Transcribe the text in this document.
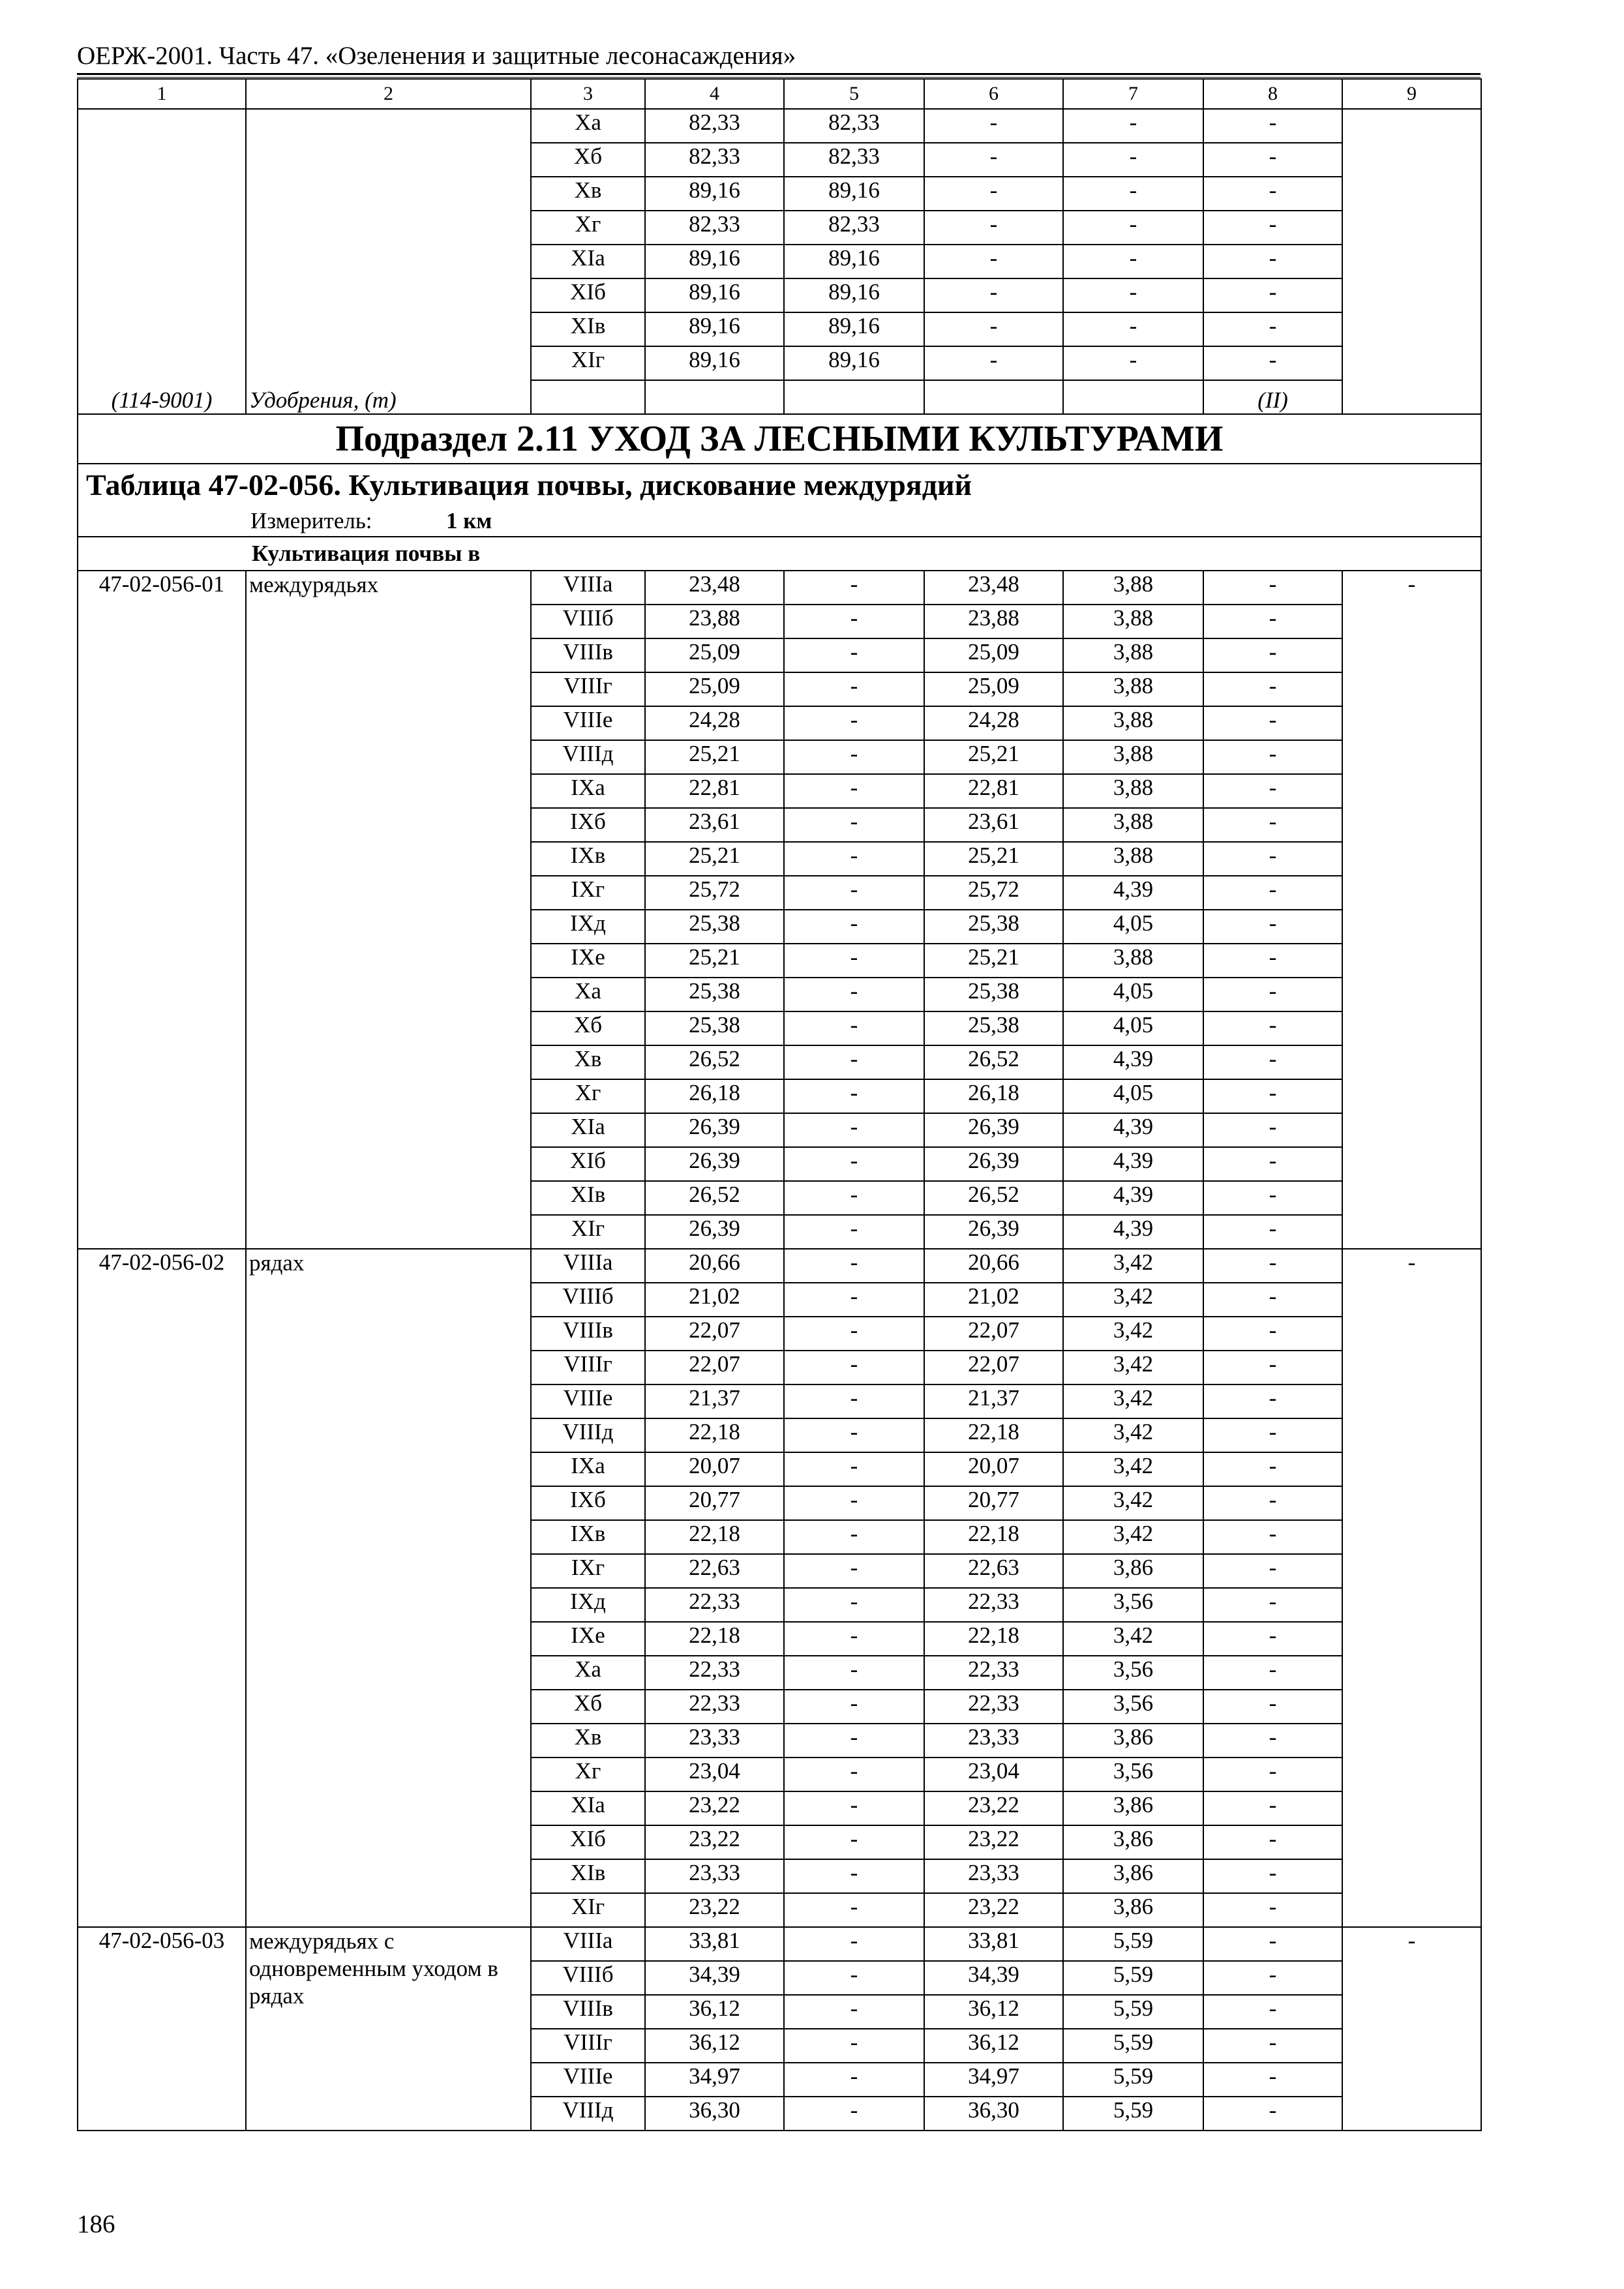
ОЕРЖ-2001. Часть 47. «Озеленения и защитные лесонасаждения»
1	2	3	4	5	6	7	8	9
(114-9001)	Удобрения, (т)	Xа	82,33	82,33	-	-	-	
		Xб	82,33	82,33	-	-	-	
		Xв	89,16	89,16	-	-	-	
		Xг	82,33	82,33	-	-	-	
		XIа	89,16	89,16	-	-	-	
		XIб	89,16	89,16	-	-	-	
		XIв	89,16	89,16	-	-	-	
		XIг	89,16	89,16	-	-	-	
							(II)	
Подраздел 2.11 УХОД ЗА ЛЕСНЫМИ КУЛЬТУРАМИ								
Таблица 47-02-056. Культивация почвы, дискование междурядий								
Измеритель: 1 км								
Культивация почвы в								
47-02-056-01	междурядьях	VIIIа	23,48	-	23,48	3,88	-	-
		VIIIб	23,88	-	23,88	3,88	-	
		VIIIв	25,09	-	25,09	3,88	-	
		VIIIг	25,09	-	25,09	3,88	-	
		VIIIе	24,28	-	24,28	3,88	-	
		VIIIд	25,21	-	25,21	3,88	-	
		IXа	22,81	-	22,81	3,88	-	
		IXб	23,61	-	23,61	3,88	-	
		IXв	25,21	-	25,21	3,88	-	
		IXг	25,72	-	25,72	4,39	-	
		IXд	25,38	-	25,38	4,05	-	
		IXе	25,21	-	25,21	3,88	-	
		Xа	25,38	-	25,38	4,05	-	
		Xб	25,38	-	25,38	4,05	-	
		Xв	26,52	-	26,52	4,39	-	
		Xг	26,18	-	26,18	4,05	-	
		XIа	26,39	-	26,39	4,39	-	
		XIб	26,39	-	26,39	4,39	-	
		XIв	26,52	-	26,52	4,39	-	
		XIг	26,39	-	26,39	4,39	-	
47-02-056-02	рядах	VIIIа	20,66	-	20,66	3,42	-	-
		VIIIб	21,02	-	21,02	3,42	-	
		VIIIв	22,07	-	22,07	3,42	-	
		VIIIг	22,07	-	22,07	3,42	-	
		VIIIе	21,37	-	21,37	3,42	-	
		VIIIд	22,18	-	22,18	3,42	-	
		IXа	20,07	-	20,07	3,42	-	
		IXб	20,77	-	20,77	3,42	-	
		IXв	22,18	-	22,18	3,42	-	
		IXг	22,63	-	22,63	3,86	-	
		IXд	22,33	-	22,33	3,56	-	
		IXе	22,18	-	22,18	3,42	-	
		Xа	22,33	-	22,33	3,56	-	
		Xб	22,33	-	22,33	3,56	-	
		Xв	23,33	-	23,33	3,86	-	
		Xг	23,04	-	23,04	3,56	-	
		XIа	23,22	-	23,22	3,86	-	
		XIб	23,22	-	23,22	3,86	-	
		XIв	23,33	-	23,33	3,86	-	
		XIг	23,22	-	23,22	3,86	-	
47-02-056-03	междурядьях с одновременным уходом в рядах	VIIIа	33,81	-	33,81	5,59	-	-
		VIIIб	34,39	-	34,39	5,59	-	
		VIIIв	36,12	-	36,12	5,59	-	
		VIIIг	36,12	-	36,12	5,59	-	
		VIIIе	34,97	-	34,97	5,59	-	
		VIIIд	36,30	-	36,30	5,59	-	
186
